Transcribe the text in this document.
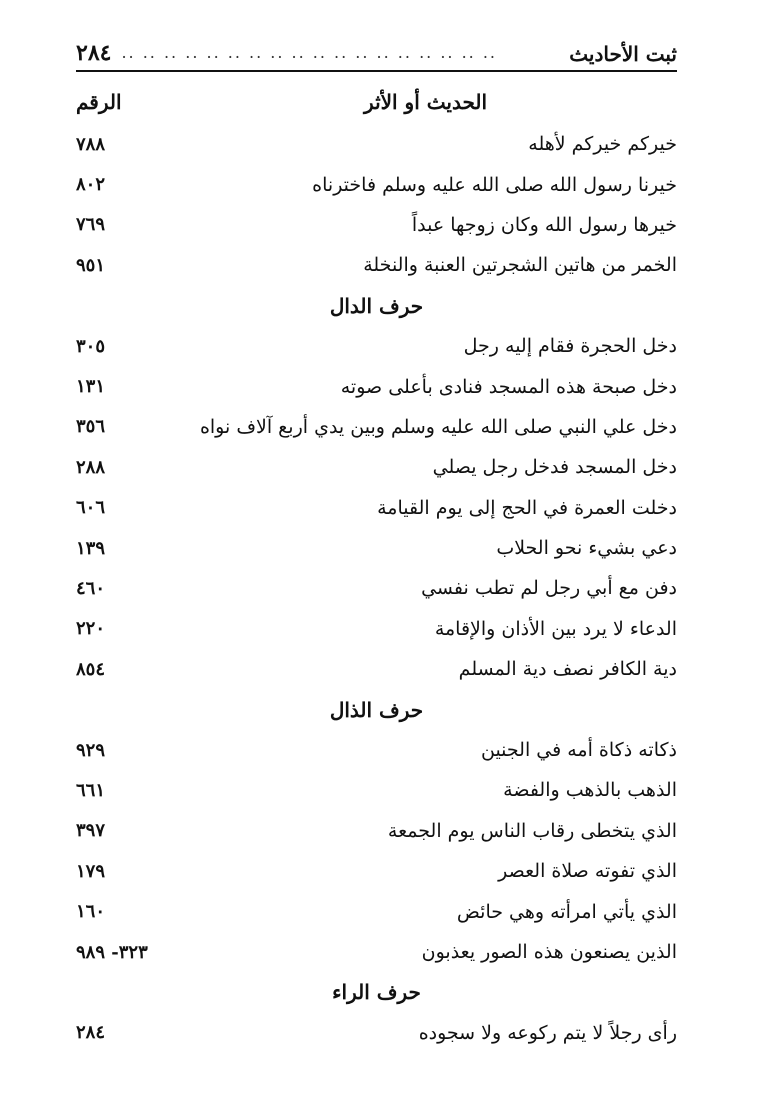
٢٨٤ .. .. .. .. .. .. .. .. .. .. .. .. .. .. .. .. .. ..	ثبت الأحاديث
الرقم	الحديث أو الأثر
٧٨٨	خيركم خيركم لأهله
٨٠٢	خيرنا رسول الله صلى الله عليه وسلم فاخترناه
٧٦٩	خيرها رسول الله وكان زوجها عبداً
٩٥١	الخمر من هاتين الشجرتين العنبة والنخلة
حرف الدال
٣٠٥	دخل الحجرة فقام إليه رجل
١٣١	دخل صبحة هذه المسجد فنادى بأعلى صوته
٣٥٦	دخل علي النبي صلى الله عليه وسلم وبين يدي أربع آلاف نواه
٢٨٨	دخل المسجد فدخل رجل يصلي
٦٠٦	دخلت العمرة في الحج إلى يوم القيامة
١٣٩	دعي بشيء نحو الحلاب
٤٦٠	دفن مع أبي رجل لم تطب نفسي
٢٢٠	الدعاء لا يرد بين الأذان والإقامة
٨٥٤	دية الكافر نصف دية المسلم
حرف الذال
٩٢٩	ذكاته ذكاة أمه في الجنين
٦٦١	الذهب بالذهب والفضة
٣٩٧	الذي يتخطى رقاب الناس يوم الجمعة
١٧٩	الذي تفوته صلاة العصر
١٦٠	الذي يأتي امرأته وهي حائض
٣٢٣- ٩٨٩	الذين يصنعون هذه الصور يعذبون
حرف الراء
٢٨٤	رأى رجلاً لا يتم ركوعه ولا سجوده
